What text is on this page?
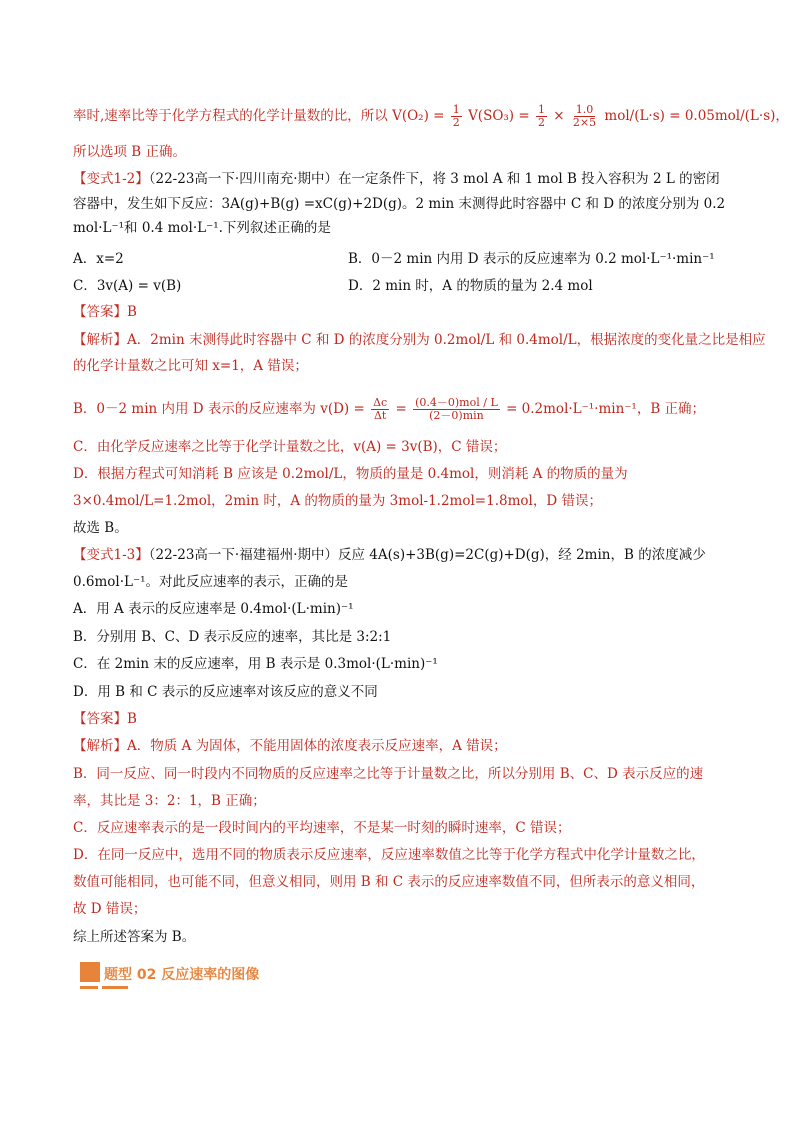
率时,速率比等于化学方程式的化学计量数的比，所以 $V(O_2) = \frac{1}{2} V(SO_3) = \frac{1}{2} \times \frac{1.0}{2\times 5} mol/(L\cdot s) = 0.05mol/(L\cdot s)$，
所以选项 B 正确。
【变式1-2】（22-23高一下·四川南充·期中）在一定条件下，将 3 mol A 和 1 mol B 投入容积为 2 L 的密闭
容器中，发生如下反应：3A(g)+B(g) =xC(g)+2D(g)。2 min 末测得此时容器中 C 和 D 的浓度分别为 0.2
mol·L⁻¹和 0.4 mol·L⁻¹.下列叙述正确的是
A．x=2	B．0－2 min 内用 D 表示的反应速率为 0.2 mol·L⁻¹·min⁻¹
C．3v(A) = v(B)	D．2 min 时，A 的物质的量为 2.4 mol
【答案】B
【解析】A．2min 末测得此时容器中 C 和 D 的浓度分别为 0.2mol/L 和 0.4mol/L，根据浓度的变化量之比是相应
的化学计量数之比可知 x=1，A 错误；
B．0－2 min 内用 D 表示的反应速率为 $v(D) = \frac{\Delta c}{\Delta t} = \frac{\text{(0.4－0)mol / L}}{(2-0)\min} = 0.2mol\cdot L^{-1}\cdot\min^{-1}$，B 正确；
C．由化学反应速率之比等于化学计量数之比，v(A) = 3v(B)，C 错误；
D．根据方程式可知消耗 B 应该是 0.2mol/L，物质的量是 0.4mol，则消耗 A 的物质的量为
3×0.4mol/L=1.2mol，2min 时，A 的物质的量为 3mol-1.2mol=1.8mol，D 错误；
故选 B。
【变式1-3】（22-23高一下·福建福州·期中）反应 4A(s)+3B(g)=2C(g)+D(g)，经 2min，B 的浓度减少
0.6mol·L⁻¹。对此反应速率的表示，正确的是
A．用 A 表示的反应速率是 0.4mol·(L·min)⁻¹
B．分别用 B、C、D 表示反应的速率，其比是 3:2:1
C．在 2min 末的反应速率，用 B 表示是 0.3mol·(L·min)⁻¹
D．用 B 和 C 表示的反应速率对该反应的意义不同
【答案】B
【解析】A．物质 A 为固体，不能用固体的浓度表示反应速率，A 错误；
B．同一反应、同一时段内不同物质的反应速率之比等于计量数之比，所以分别用 B、C、D 表示反应的速
率，其比是 3：2：1，B 正确；
C．反应速率表示的是一段时间内的平均速率，不是某一时刻的瞬时速率，C 错误；
D．在同一反应中，选用不同的物质表示反应速率，反应速率数值之比等于化学方程式中化学计量数之比，
数值可能相同，也可能不同，但意义相同，则用 B 和 C 表示的反应速率数值不同，但所表示的意义相同，
故 D 错误；
综上所述答案为 B。
题型 02 反应速率的图像
